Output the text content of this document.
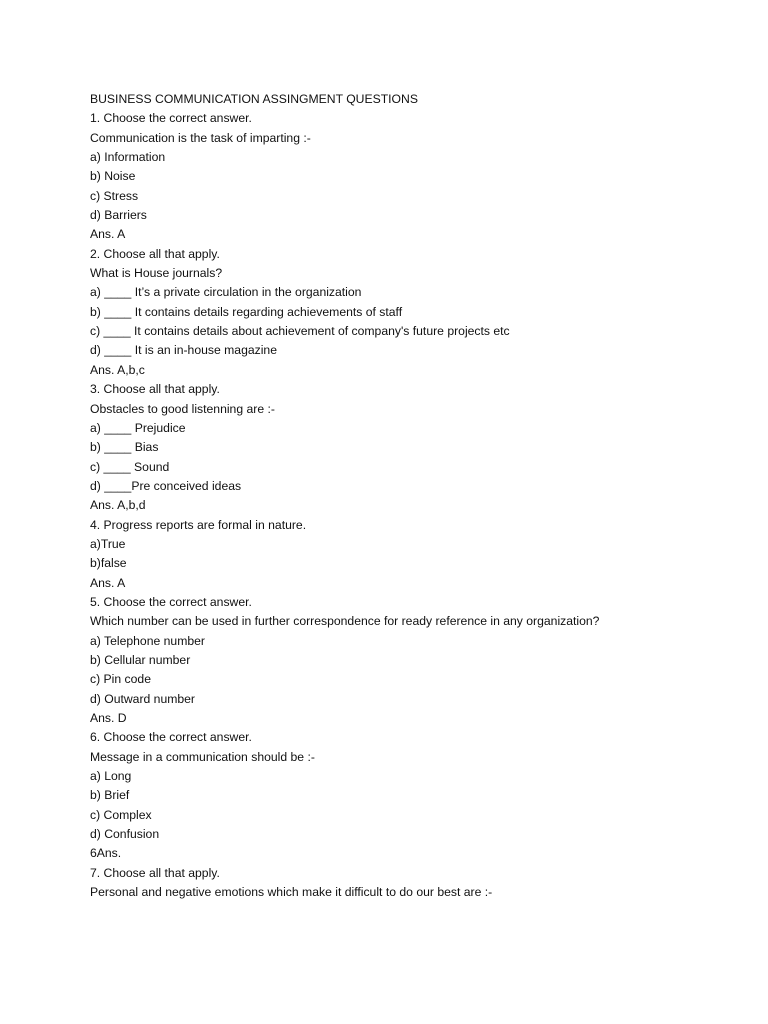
BUSINESS COMMUNICATION ASSINGMENT QUESTIONS
1. Choose the correct answer.
Communication is the task of imparting :-
a) Information
b) Noise
c) Stress
d) Barriers
Ans. A
2. Choose all that apply.
What is House journals?
a) ____ It’s a private circulation in the organization
b) ____ It contains details regarding achievements of staff
c) ____ It contains details about achievement of company's future projects etc
d) ____ It is an in-house magazine
Ans. A,b,c
3. Choose all that apply.
Obstacles to good listenning are :-
a) ____ Prejudice
b) ____ Bias
c) ____ Sound
d) ____Pre conceived ideas
Ans. A,b,d
4. Progress reports are formal in nature.
a)True
b)false
Ans. A
5. Choose the correct answer.
Which number can be used in further correspondence for ready reference in any organization?
a) Telephone number
b) Cellular number
c) Pin code
d) Outward number
Ans. D
6. Choose the correct answer.
Message in a communication should be :-
a) Long
b) Brief
c) Complex
d) Confusion
6Ans.
7. Choose all that apply.
Personal and negative emotions which make it difficult to do our best are :-
